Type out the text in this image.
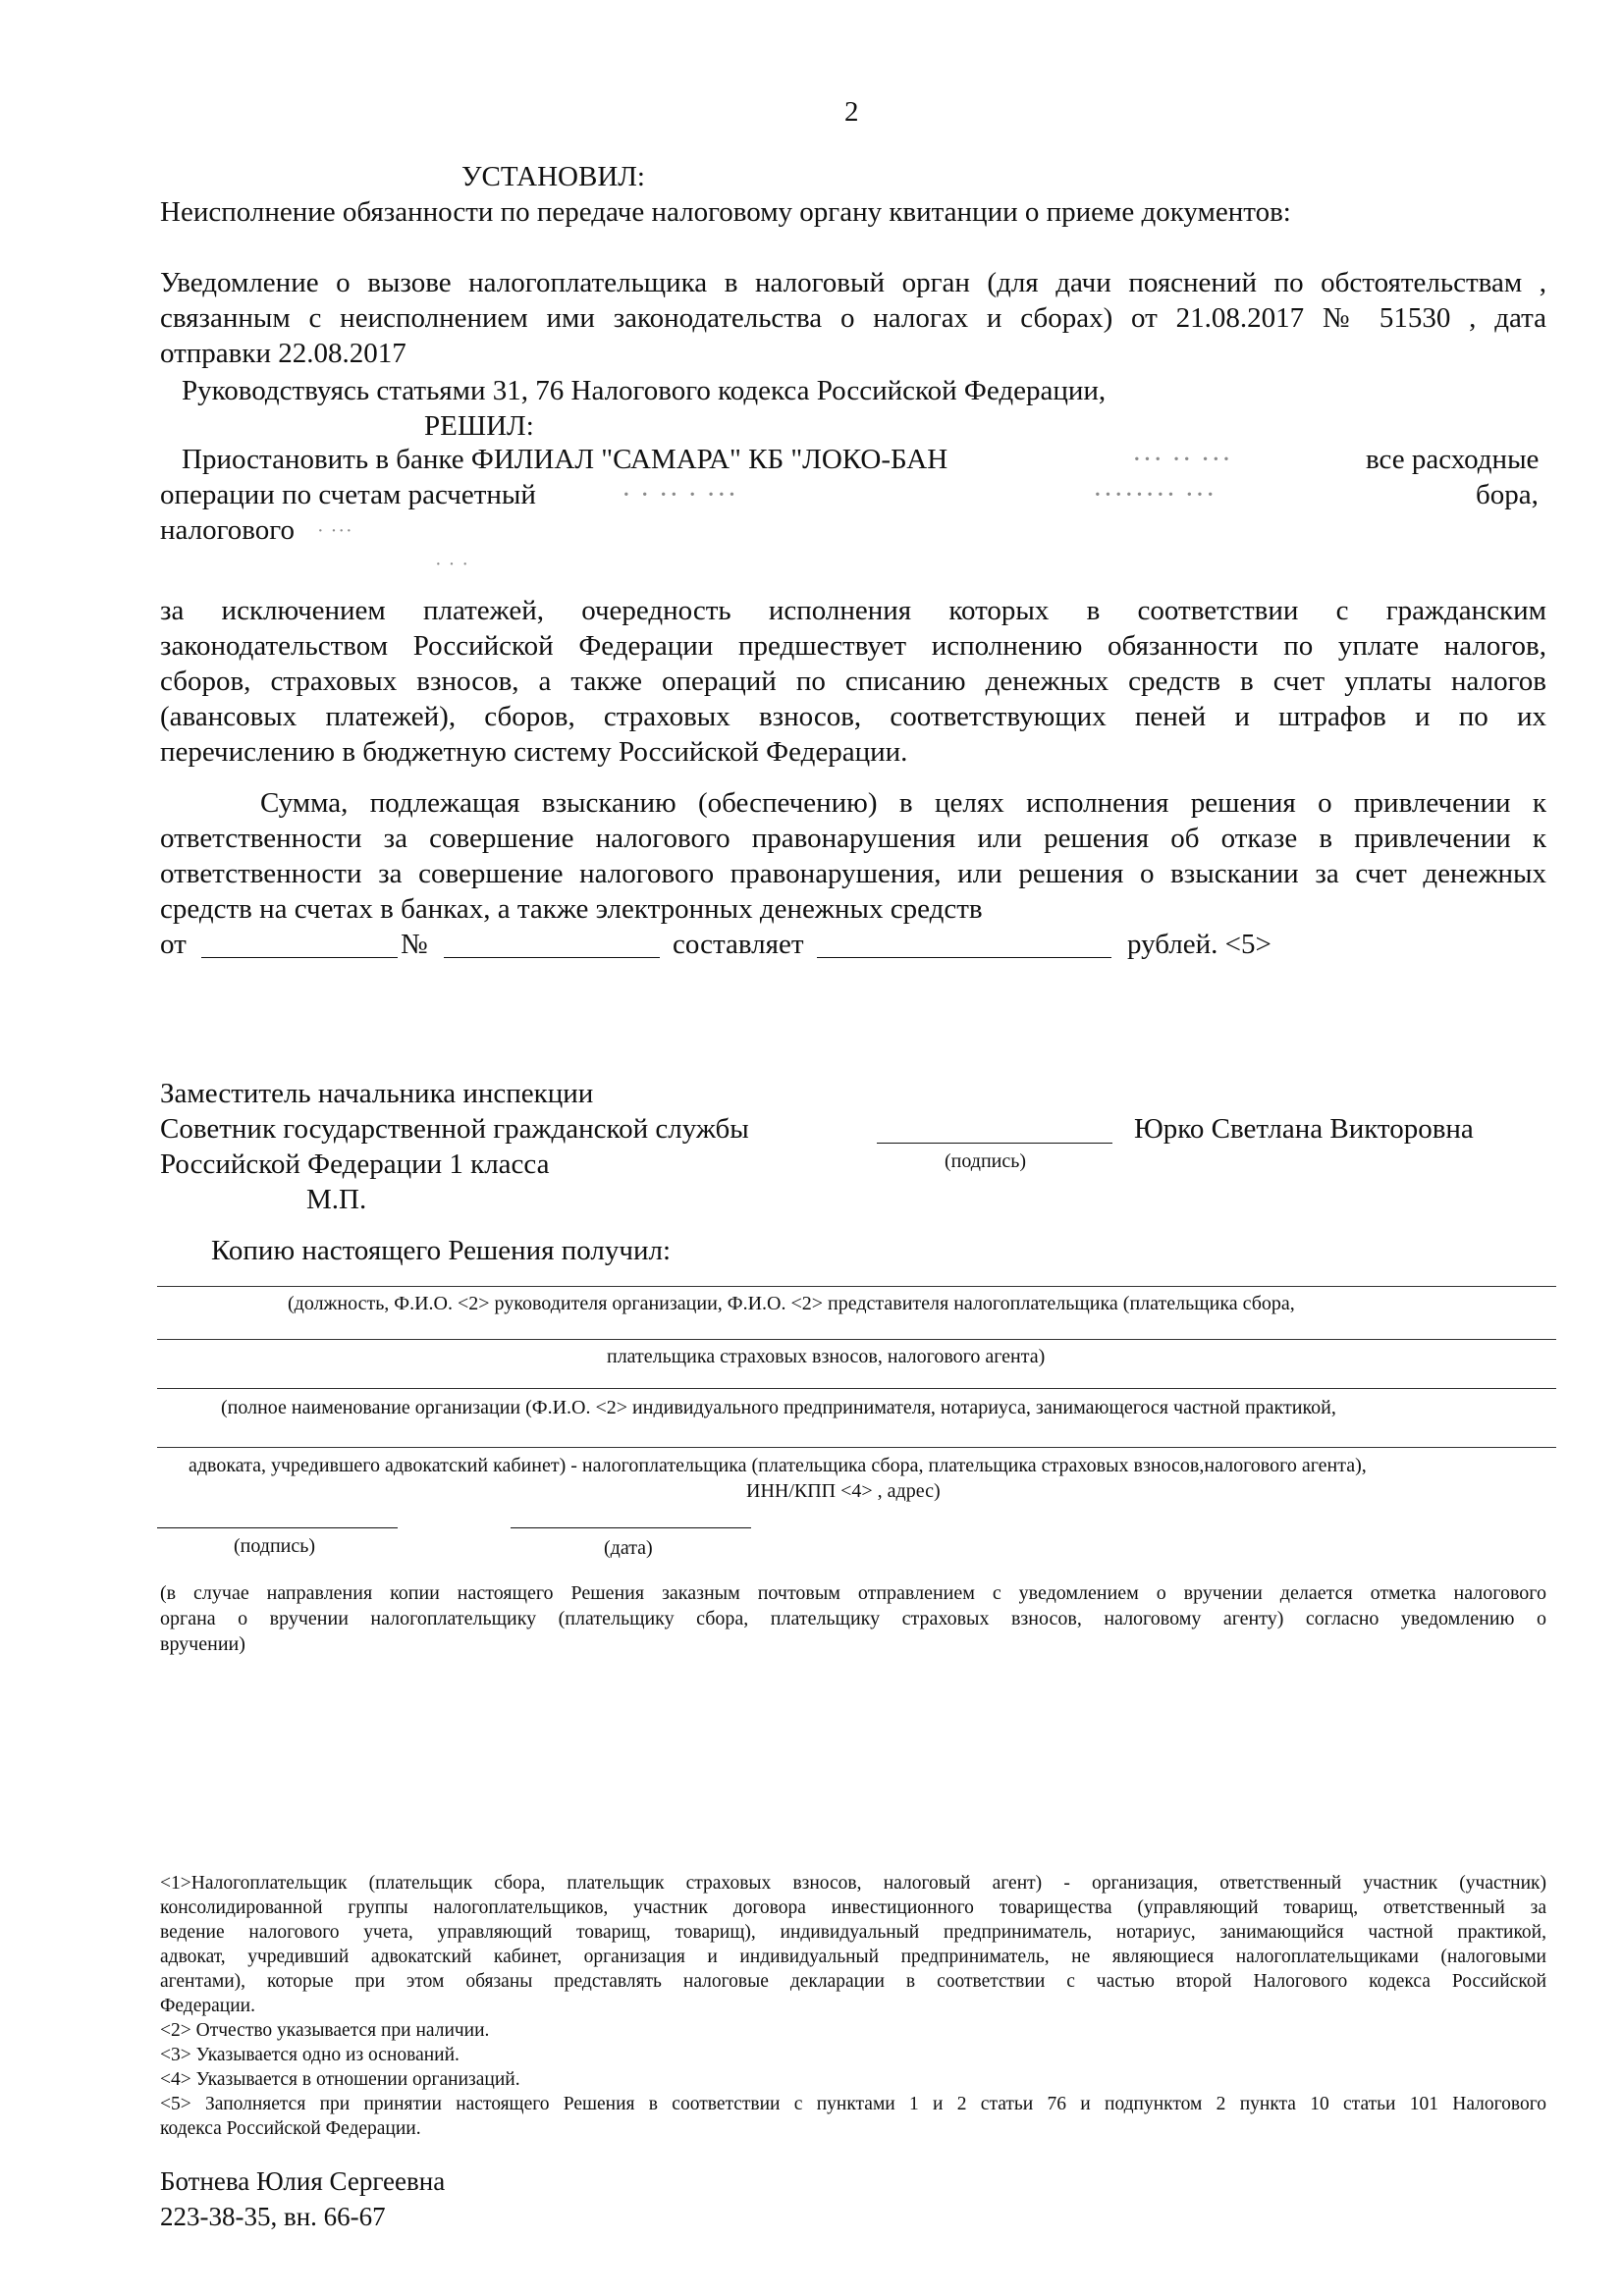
2
УСТАНОВИЛ:
Неисполнение обязанности по передаче налоговому органу квитанции о приеме документов:
Уведомление о вызове налогоплательщика в налоговый орган (для дачи пояснений по обстоятельствам ,
связанным с неисполнением ими законодательства о налогах и сборах) от 21.08.2017 № 51530 , дата
отправки 22.08.2017
Руководствуясь статьями 31, 76 Налогового кодекса Российской Федерации,
РЕШИЛ:
Приостановить в банке ФИЛИАЛ "САМАРА" КБ "ЛОКО-БАН	··· ·· ···	все расходные
операции по счетам расчетный	· · ·· · ···	········ ···	бора,
налогового · ···
· · ·
за исключением платежей, очередность исполнения которых в соответствии с гражданским
законодательством Российской Федерации предшествует исполнению обязанности по уплате налогов,
сборов, страховых взносов, а также операций по списанию денежных средств в счет уплаты налогов
(авансовых платежей), сборов, страховых взносов, соответствующих пеней и штрафов и по их
перечислению в бюджетную систему Российской Федерации.
Сумма, подлежащая взысканию (обеспечению) в целях исполнения решения о привлечении к
ответственности за совершение налогового правонарушения или решения об отказе в привлечении к
ответственности за совершение налогового правонарушения, или решения о взыскании за счет денежных
средств на счетах в банках, а также электронных денежных средств
от	№	составляет	рублей. <5>
Заместитель начальника инспекции
Советник государственной гражданской службы
Российской Федерации 1 класса
М.П.
(подпись)
Юрко Светлана Викторовна
Копию настоящего Решения получил:
(должность, Ф.И.О. <2> руководителя организации, Ф.И.О. <2> представителя налогоплательщика (плательщика сбора,
плательщика страховых взносов, налогового агента)
(полное наименование организации (Ф.И.О. <2> индивидуального предпринимателя, нотариуса, занимающегося частной практикой,
адвоката, учредившего адвокатский кабинет) - налогоплательщика (плательщика сбора, плательщика страховых взносов,налогового агента),
ИНН/КПП <4> , адрес)
(подпись)	(дата)
(в случае направления копии настоящего Решения заказным почтовым отправлением с уведомлением о вручении делается отметка налогового
органа о вручении налогоплательщику (плательщику сбора, плательщику страховых взносов, налоговому агенту) согласно уведомлению о
вручении)
<1>Налогоплательщик (плательщик сбора, плательщик страховых взносов, налоговый агент) - организация, ответственный участник (участник)
консолидированной группы налогоплательщиков, участник договора инвестиционного товарищества (управляющий товарищ, ответственный за
ведение налогового учета, управляющий товарищ, товарищ), индивидуальный предприниматель, нотариус, занимающийся частной практикой,
адвокат, учредивший адвокатский кабинет, организация и индивидуальный предприниматель, не являющиеся налогоплательщиками (налоговыми
агентами), которые при этом обязаны представлять налоговые декларации в соответствии с частью второй Налогового кодекса Российской
Федерации.
<2> Отчество указывается при наличии.
<3> Указывается одно из оснований.
<4> Указывается в отношении организаций.
<5> Заполняется при принятии настоящего Решения в соответствии с пунктами 1 и 2 статьи 76 и подпунктом 2 пункта 10 статьи 101 Налогового
кодекса Российской Федерации.
Ботнева Юлия Сергеевна
223-38-35, вн. 66-67
